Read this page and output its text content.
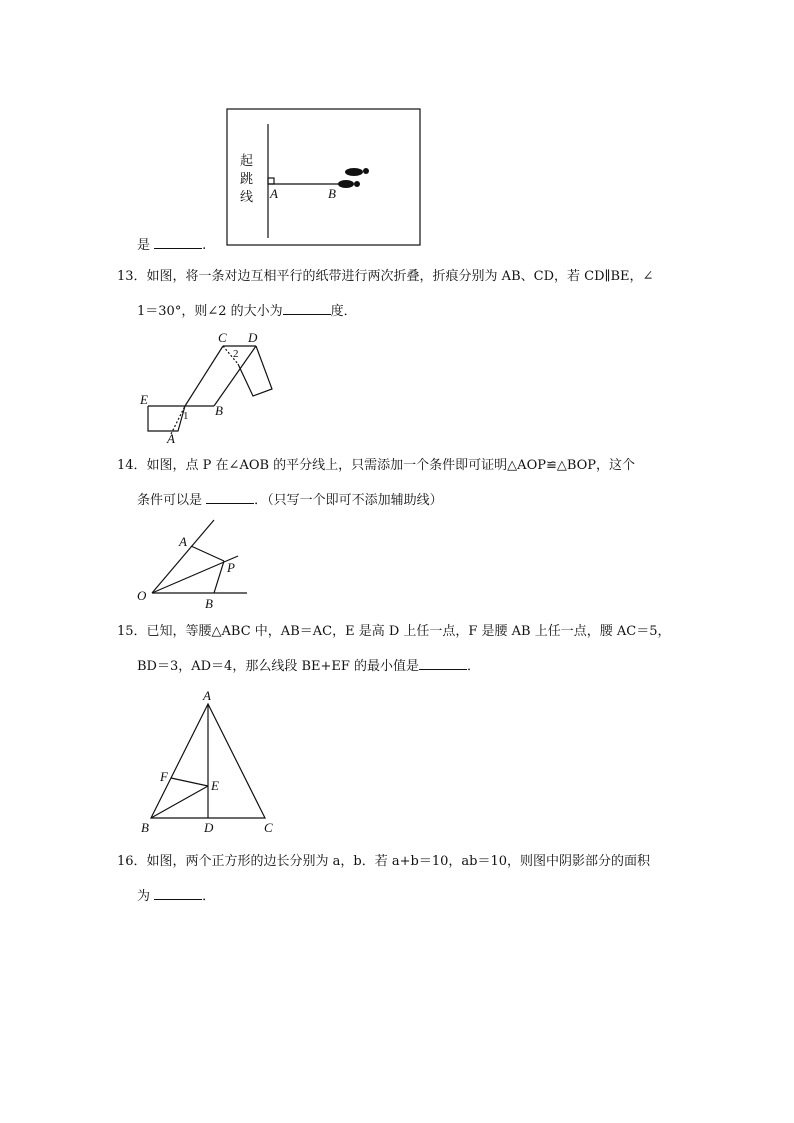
起
跳
线 A	B
是	.
13．如图，将一条对边互相平行的纸带进行两次折叠，折痕分别为 AB、CD，若 CD∥BE，∠
1＝30°，则∠2 的大小为	度．
C D
E
B
A
1
2
14．如图，点 P 在∠AOB 的平分线上，只需添加一个条件即可证明△AOP≌△BOP，这个
条件可以是	．（只写一个即可不添加辅助线）
A
O
P
B
15．已知，等腰△ABC 中，AB＝AC，E 是高 D 上任一点，F 是腰 AB 上任一点，腰 AC＝5，
BD＝3，AD＝4，那么线段 BE+EF 的最小值是	．
A
F
E
B	D	C
16．如图，两个正方形的边长分别为 a，b．若 a+b＝10，ab＝10，则图中阴影部分的面积
为	．
